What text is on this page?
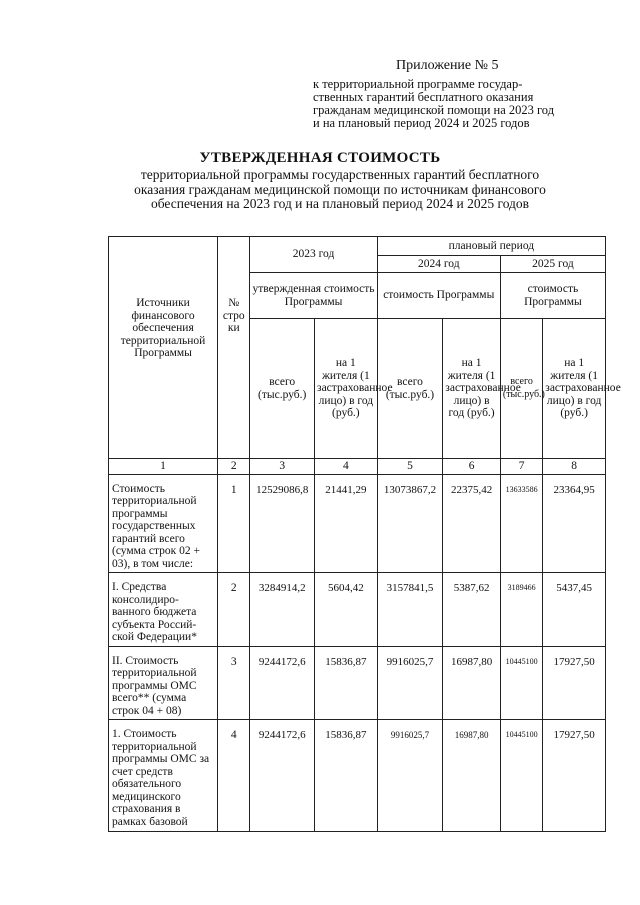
Приложение № 5
к территориальной программе государ-
ственных гарантий бесплатного оказания
гражданам медицинской помощи на 2023 год
и на плановый период 2024 и 2025 годов
УТВЕРЖДЕННАЯ СТОИМОСТЬ
территориальной программы государственных гарантий бесплатного
оказания гражданам медицинской помощи по источникам финансового
обеспечения на 2023 год и на плановый период 2024 и 2025 годов
Источники финансового обеспечения территориальной Программы	№ стро ки	2023 год		плановый период			
				2024 год		2025 год	
		утвержденная стоимость Программы		стоимость Программы		стоимость Программы	
		всего (тыс.руб.)	на 1 жителя (1 застрахованное лицо) в год (руб.)	всего (тыс.руб.)	на 1 жителя (1 застрахованное лицо) в год (руб.)	всего (тыс.руб.)	на 1 жителя (1 застрахованное лицо) в год (руб.)
1	2	3	4	5	6	7	8
Стоимость территориальной программы государственных гарантий всего (сумма строк 02 + 03), в том числе:	1	12529086,8	21441,29	13073867,2	22375,42	13633586	23364,95
I. Средства консолидиро-ванного бюджета субъекта Россий-ской Федерации*	2	3284914,2	5604,42	3157841,5	5387,62	3189466	5437,45
II. Стоимость территориальной программы ОМС всего** (сумма строк 04 + 08)	3	9244172,6	15836,87	9916025,7	16987,80	10445100	17927,50
1. Стоимость территориальной программы ОМС за счет средств обязательного медицинского страхования в рамках базовой	4	9244172,6	15836,87	9916025,7	16987,80	10445100	17927,50
